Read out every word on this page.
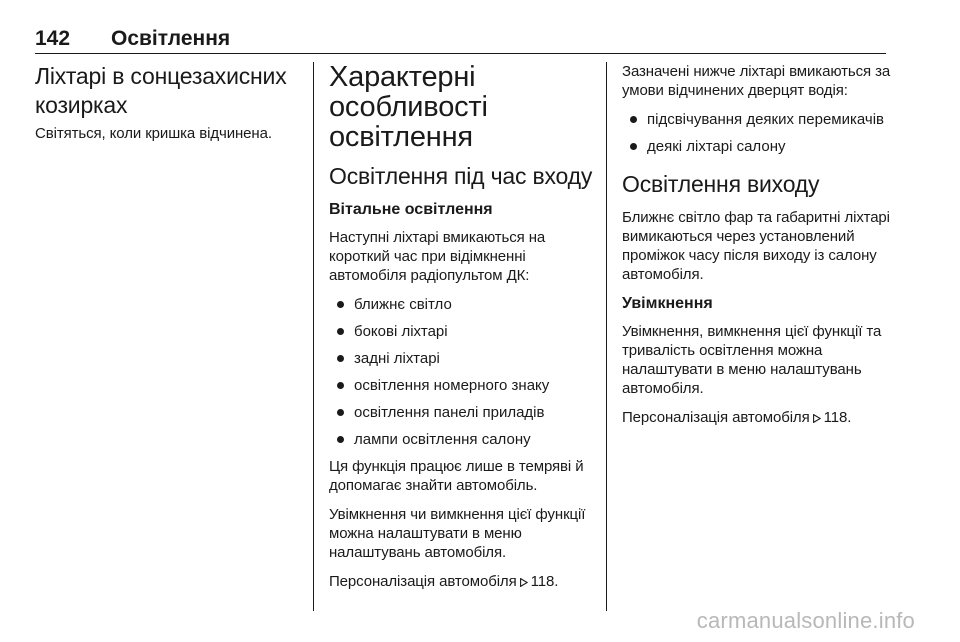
142	Освітлення
Ліхтарі в сонцезахисних козирках

Світяться, коли кришка відчинена.

Характерні особливості освітлення
Освітлення під час входу
Вітальне освітлення

Наступні ліхтарі вмикаються на короткий час при відімкненні автомобіля радіопультом ДК:

ближнє світло
бокові ліхтарі
задні ліхтарі
освітлення номерного знаку
освітлення панелі приладів
лампи освітлення салону

Ця функція працює лише в темряві й допомагає знайти автомобіль.

Увімкнення чи вимкнення цієї функції можна налаштувати в меню налаштувань автомобіля.

Персоналізація автомобіля 118.

Зазначені нижче ліхтарі вмикаються за умови відчинених дверцят водія:

підсвічування деяких перемикачів
деякі ліхтарі салону
Освітлення виходу

Ближнє світло фар та габаритні ліхтарі вимикаються через установлений проміжок часу після виходу із салону автомобіля.

Увімкнення

Увімкнення, вимкнення цієї функції та тривалість освітлення можна налаштувати в меню налаштувань автомобіля.

Персоналізація автомобіля 118.

carmanualsonline.info
